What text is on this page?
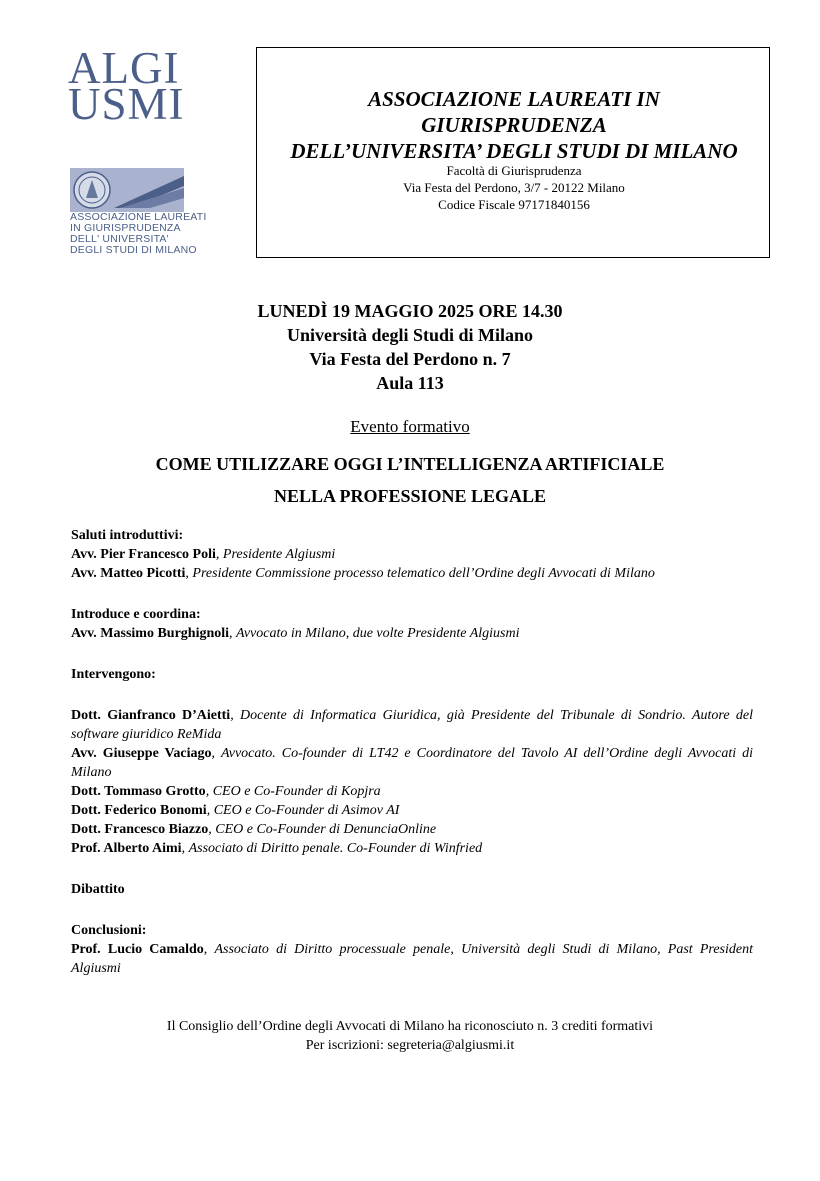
ALGI
USMI
ASSOCIAZIONE LAUREATI
IN GIURISPRUDENZA
DELL' UNIVERSITA'
DEGLI STUDI DI MILANO
ASSOCIAZIONE LAUREATI IN
GIURISPRUDENZA
DELL’UNIVERSITA’ DEGLI STUDI DI MILANO
Facoltà di Giurisprudenza
Via Festa del Perdono, 3/7 - 20122 Milano
Codice Fiscale 97171840156
LUNEDÌ 19 MAGGIO 2025 ORE 14.30
Università degli Studi di Milano
Via Festa del Perdono n. 7
Aula 113
Evento formativo
COME UTILIZZARE OGGI L’INTELLIGENZA ARTIFICIALE
NELLA PROFESSIONE LEGALE
Saluti introduttivi:
Avv. Pier Francesco Poli, Presidente Algiusmi
Avv. Matteo Picotti, Presidente Commissione processo telematico dell’Ordine degli Avvocati di Milano
Introduce e coordina:
Avv. Massimo Burghignoli, Avvocato in Milano, due volte Presidente Algiusmi
Intervengono:
Dott. Gianfranco D’Aietti, Docente di Informatica Giuridica, già Presidente del Tribunale di Sondrio. Autore del software giuridico ReMida
Avv. Giuseppe Vaciago, Avvocato. Co-founder di LT42 e Coordinatore del Tavolo AI dell’Ordine degli Avvocati di Milano
Dott. Tommaso Grotto, CEO e Co-Founder di Kopjra
Dott. Federico Bonomi, CEO e Co-Founder di Asimov AI
Dott. Francesco Biazzo, CEO e Co-Founder di DenunciaOnline
Prof. Alberto Aimi, Associato di Diritto penale. Co-Founder di Winfried
Dibattito
Conclusioni:
Prof. Lucio Camaldo, Associato di Diritto processuale penale, Università degli Studi di Milano, Past President Algiusmi
Il Consiglio dell’Ordine degli Avvocati di Milano ha riconosciuto n. 3 crediti formativi
Per iscrizioni: segreteria@algiusmi.it
